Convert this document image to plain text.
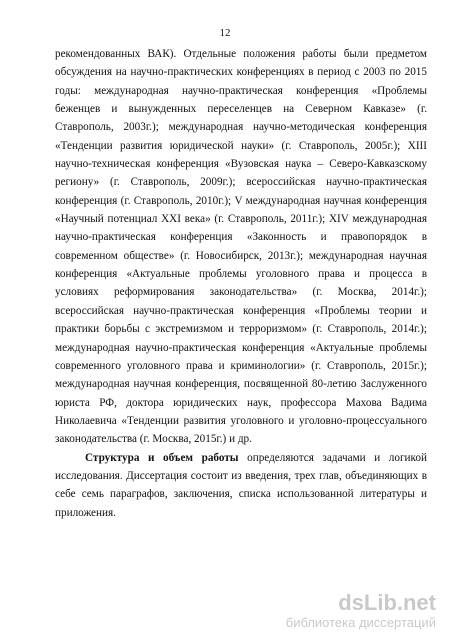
12

рекомендованных ВАК). Отдельные положения работы были предметом обсуждения на научно-практических конференциях в период с 2003 по 2015 годы: международная научно-практическая конференция «Проблемы беженцев и вынужденных переселенцев на Северном Кавказе» (г. Ставрополь, 2003г.); международная научно-методическая конференция «Тенденции развития юридической науки» (г. Ставрополь, 2005г.); XIII научно-техническая конференция «Вузовская наука – Северо-Кавказскому региону» (г. Ставрополь, 2009г.); всероссийская научно-практическая конференция (г. Ставрополь, 2010г.); V международная научная конференция «Научный потенциал XXI века» (г. Ставрополь, 2011г.); XIV международная научно-практическая конференция «Законность и правопорядок в современном обществе» (г. Новосибирск, 2013г.); международная научная конференция «Актуальные проблемы уголовного права и процесса в условиях реформирования законодательства» (г. Москва, 2014г.); всероссийская научно-практическая конференция «Проблемы теории и практики борьбы с экстремизмом и терроризмом» (г. Ставрополь, 2014г.); международная научно-практическая конференция «Актуальные проблемы современного уголовного права и криминологии» (г. Ставрополь, 2015г.); международная научная конференция, посвященной 80-летию Заслуженного юриста РФ, доктора юридических наук, профессора Махова Вадима Николаевича «Тенденции развития уголовного и уголовно-процессуального законодательства (г. Москва, 2015г.) и др.

Структура и объем работы определяются задачами и логикой исследования. Диссертация состоит из введения, трех глав, объединяющих в себе семь параграфов, заключения, списка использованной литературы и приложения.

dsLib.net
библиотека диссертаций
